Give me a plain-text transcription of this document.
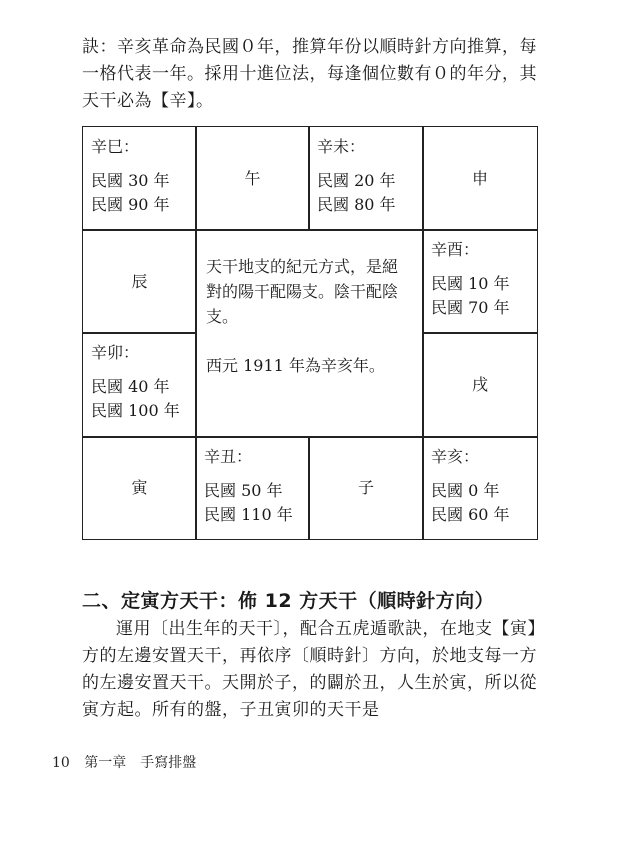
訣：辛亥革命為民國０年，推算年份以順時針方向推算，每一格代表一年。採用十進位法，每逢個位數有０的年分，其天干必為【辛】。

辛巳：
民國 30 年
民國 90 年
午
辛未：
民國 20 年
民國 80 年
申
辰

天干地支的紀元方式，是絕對的陽干配陽支。陰干配陰支。

西元 1911 年為辛亥年。

辛酉：
民國 10 年
民國 70 年
辛卯：
民國 40 年
民國 100 年
戌
寅
辛丑：
民國 50 年
民國 110 年
子
辛亥：
民國 0 年
民國 60 年
二、定寅方天干：佈 12 方天干（順時針方向）

運用〔出生年的天干〕，配合五虎遁歌訣，在地支【寅】方的左邊安置天干，再依序〔順時針〕方向，於地支每一方的左邊安置天干。天開於子，的闢於丑，人生於寅，所以從寅方起。所有的盤，子丑寅卯的天干是

10 第一章　手寫排盤
